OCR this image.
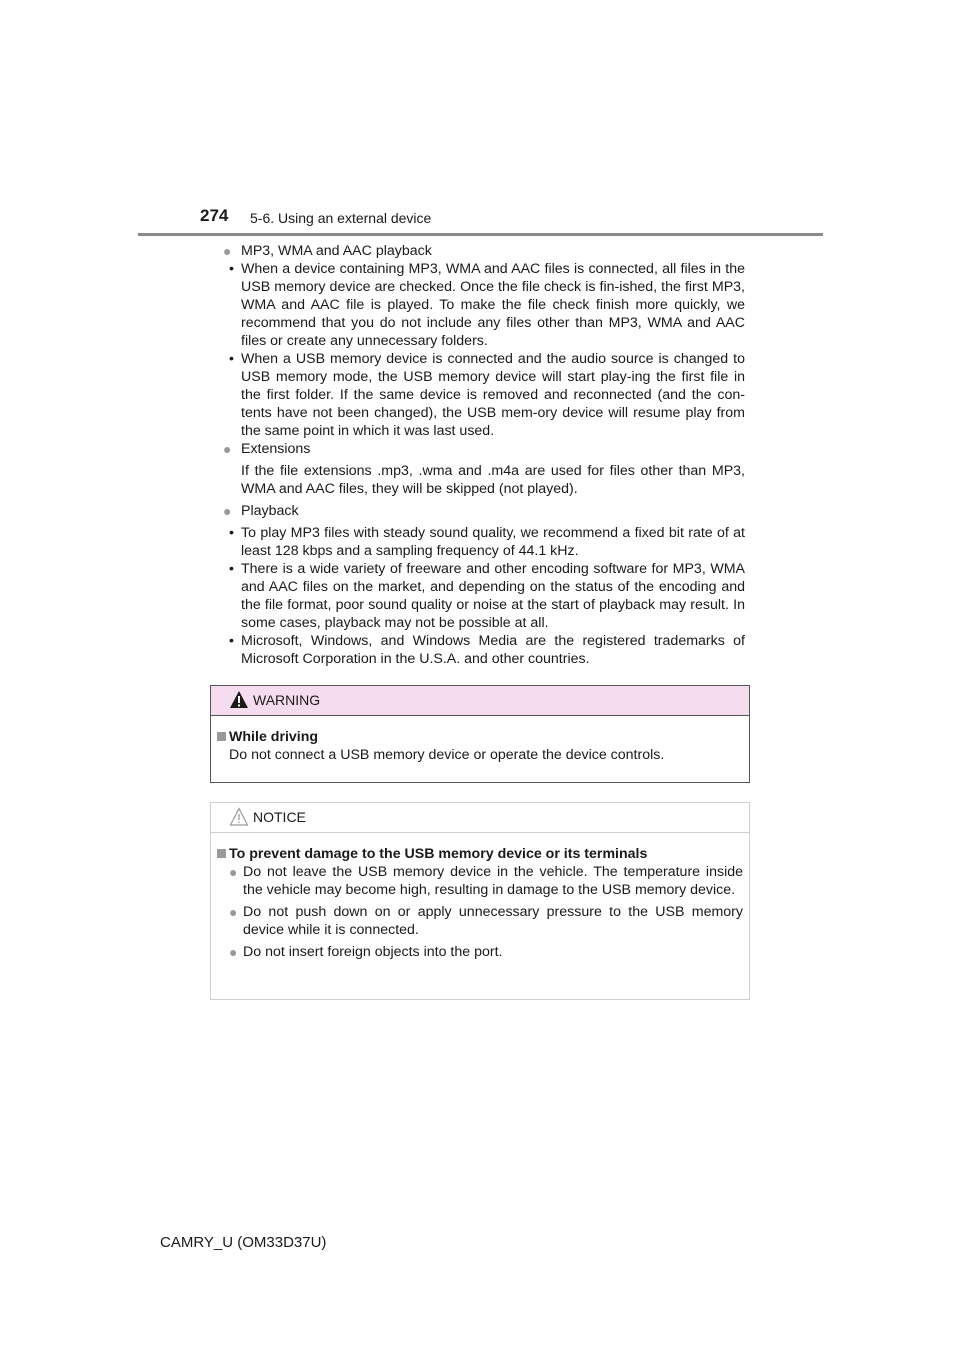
274 5-6. Using an external device
● MP3, WMA and AAC playback
• When a device containing MP3, WMA and AAC files is connected, all files in the USB memory device are checked. Once the file check is fin-ished, the first MP3, WMA and AAC file is played. To make the file check finish more quickly, we recommend that you do not include any files other than MP3, WMA and AAC files or create any unnecessary folders.
• When a USB memory device is connected and the audio source is changed to USB memory mode, the USB memory device will start play-ing the first file in the first folder. If the same device is removed and reconnected (and the con- tents have not been changed), the USB mem-ory device will resume play from the same point in which it was last used.
● Extensions
If the file extensions .mp3, .wma and .m4a are used for files other than MP3, WMA and AAC files, they will be skipped (not played).
● Playback
• To play MP3 files with steady sound quality, we recommend a fixed bit rate of at least 128 kbps and a sampling frequency of 44.1 kHz.
• There is a wide variety of freeware and other encoding software for MP3, WMA and AAC files on the market, and depending on the status of the encoding and the file format, poor sound quality or noise at the start of playback may result. In some cases, playback may not be possible at all.
• Microsoft, Windows, and Windows Media are the registered trademarks of Microsoft Corporation in the U.S.A. and other countries.
WARNING
While driving
Do not connect a USB memory device or operate the device controls.
NOTICE
To prevent damage to the USB memory device or its terminals
● Do not leave the USB memory device in the vehicle. The temperature inside the vehicle may become high, resulting in damage to the USB memory device.
● Do not push down on or apply unnecessary pressure to the USB memory device while it is connected.
● Do not insert foreign objects into the port.
CAMRY_U (OM33D37U)
